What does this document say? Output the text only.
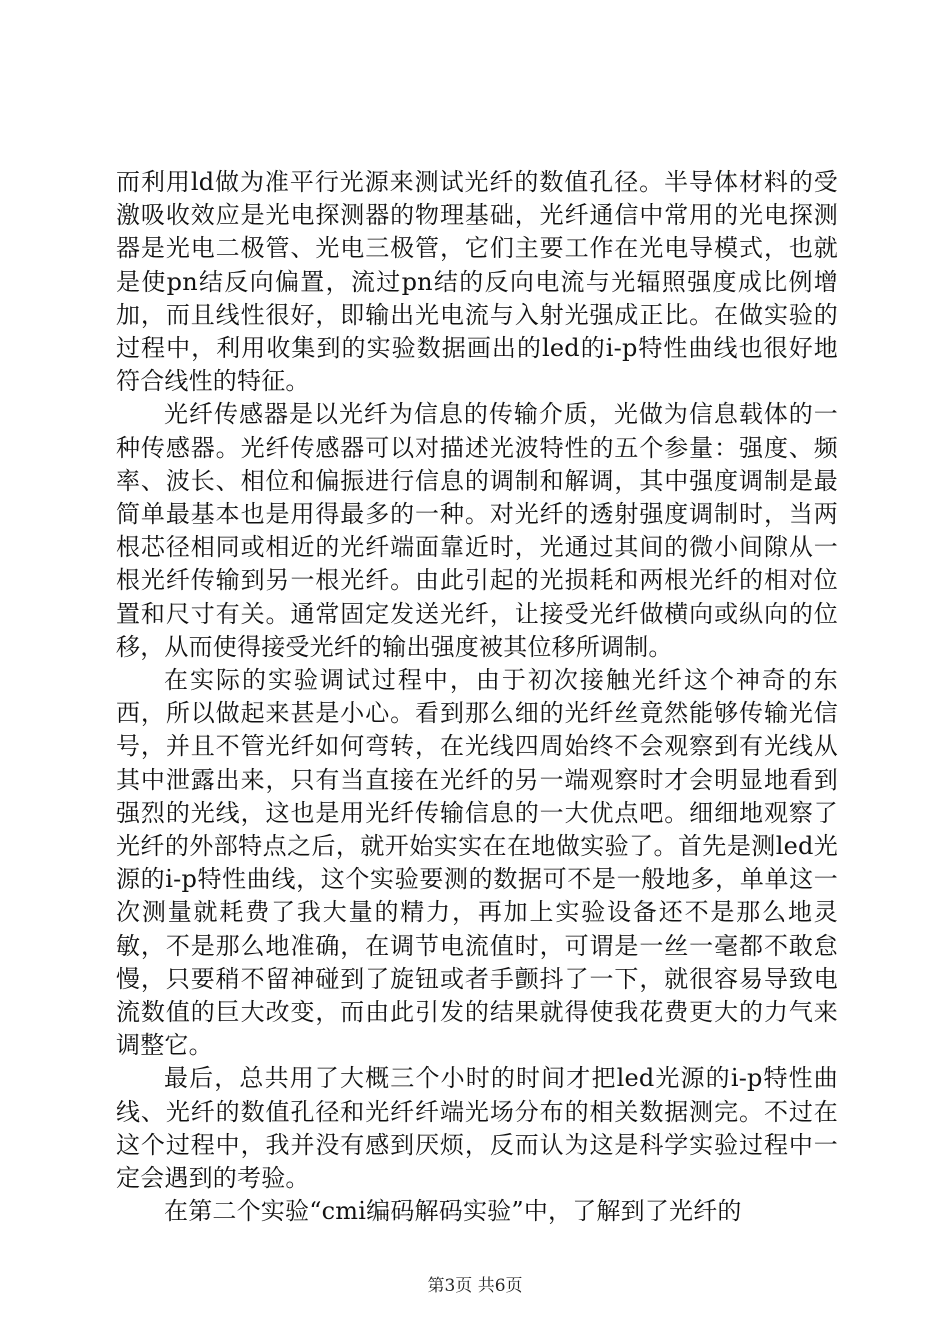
而利用ld做为准平行光源来测试光纤的数值孔径。半导体材料的受激吸收效应是光电探测器的物理基础，光纤通信中常用的光电探测器是光电二极管、光电三极管，它们主要工作在光电导模式，也就是使pn结反向偏置，流过pn结的反向电流与光辐照强度成比例增加，而且线性很好，即输出光电流与入射光强成正比。在做实验的过程中，利用收集到的实验数据画出的led的i-p特性曲线也很好地符合线性的特征。

光纤传感器是以光纤为信息的传输介质，光做为信息载体的一种传感器。光纤传感器可以对描述光波特性的五个参量：强度、频率、波长、相位和偏振进行信息的调制和解调，其中强度调制是最简单最基本也是用得最多的一种。对光纤的透射强度调制时，当两根芯径相同或相近的光纤端面靠近时，光通过其间的微小间隙从一根光纤传输到另一根光纤。由此引起的光损耗和两根光纤的相对位置和尺寸有关。通常固定发送光纤，让接受光纤做横向或纵向的位移，从而使得接受光纤的输出强度被其位移所调制。

在实际的实验调试过程中，由于初次接触光纤这个神奇的东西，所以做起来甚是小心。看到那么细的光纤丝竟然能够传输光信号，并且不管光纤如何弯转，在光线四周始终不会观察到有光线从其中泄露出来，只有当直接在光纤的另一端观察时才会明显地看到强烈的光线，这也是用光纤传输信息的一大优点吧。细细地观察了光纤的外部特点之后，就开始实实在在地做实验了。首先是测led光源的i-p特性曲线，这个实验要测的数据可不是一般地多，单单这一次测量就耗费了我大量的精力，再加上实验设备还不是那么地灵敏，不是那么地准确，在调节电流值时，可谓是一丝一毫都不敢怠慢，只要稍不留神碰到了旋钮或者手颤抖了一下，就很容易导致电流数值的巨大改变，而由此引发的结果就得使我花费更大的力气来调整它。

最后，总共用了大概三个小时的时间才把led光源的i-p特性曲线、光纤的数值孔径和光纤纤端光场分布的相关数据测完。不过在这个过程中，我并没有感到厌烦，反而认为这是科学实验过程中一定会遇到的考验。

在第二个实验“cmi编码解码实验”中，了解到了光纤的

第3页 共6页
